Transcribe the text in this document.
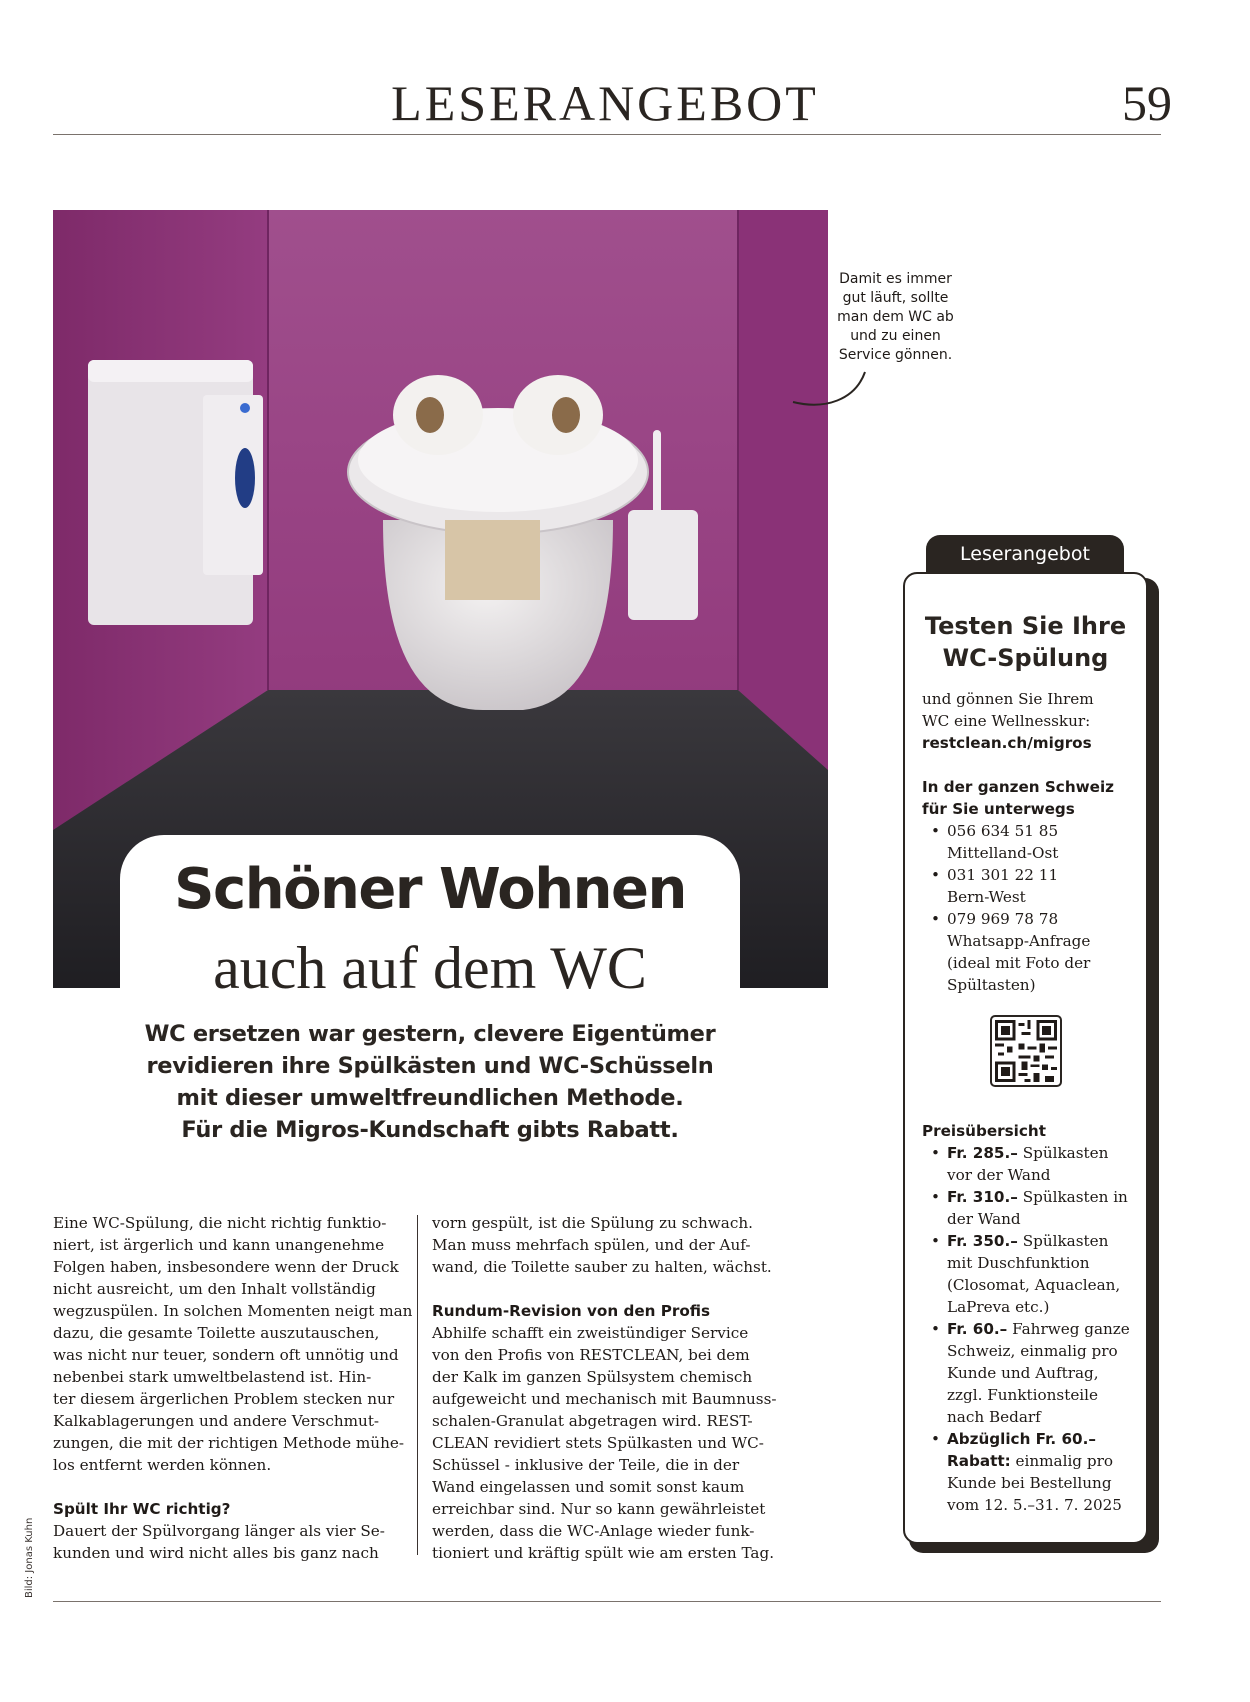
LESERANGEBOT	59
Damit es immer gut läuft, sollte man dem WC ab und zu einen Service gönnen.
Schöner Wohnen
auch auf dem WC
WC ersetzen war gestern, clevere Eigentümer
revidieren ihre Spülkästen und WC-Schüsseln
mit dieser umweltfreundlichen Methode.
Für die Migros-Kundschaft gibts Rabatt.
Eine WC-Spülung, die nicht richtig funktio-
niert, ist ärgerlich und kann unangenehme
Folgen haben, insbesondere wenn der Druck
nicht ausreicht, um den Inhalt vollständig
wegzuspülen. In solchen Momenten neigt man
dazu, die gesamte Toilette auszutauschen,
was nicht nur teuer, sondern oft unnötig und
nebenbei stark umweltbelastend ist. Hin-
ter diesem ärgerlichen Problem stecken nur
Kalkablagerungen und andere Verschmut-
zungen, die mit der richtigen Methode mühe-
los entfernt werden können.
Spült Ihr WC richtig?
Dauert der Spülvorgang länger als vier Se-
kunden und wird nicht alles bis ganz nach
vorn gespült, ist die Spülung zu schwach.
Man muss mehrfach spülen, und der Auf-
wand, die Toilette sauber zu halten, wächst.
Rundum-Revision von den Profis
Abhilfe schafft ein zweistündiger Service
von den Profis von RESTCLEAN, bei dem
der Kalk im ganzen Spülsystem chemisch
aufgeweicht und mechanisch mit Baumnuss-
schalen-Granulat abgetragen wird. REST-
CLEAN revidiert stets Spülkasten und WC-
Schüssel - inklusive der Teile, die in der
Wand eingelassen und somit sonst kaum
erreichbar sind. Nur so kann gewährleistet
werden, dass die WC-Anlage wieder funk-
tioniert und kräftig spült wie am ersten Tag.
Bild: Jonas Kuhn
Leserangebot
Testen Sie Ihre
WC-Spülung
und gönnen Sie Ihrem
WC eine Wellnesskur:
restclean.ch/migros
In der ganzen Schweiz
für Sie unterwegs
• 056 634 51 85
Mittelland-Ost
• 031 301 22 11
Bern-West
• 079 969 78 78
Whatsapp-Anfrage
(ideal mit Foto der Spültasten)
Preisübersicht
• Fr. 285.– Spülkasten vor der Wand
• Fr. 310.– Spülkasten in der Wand
• Fr. 350.– Spülkasten mit Duschfunktion (Closomat, Aquaclean, LaPreva etc.)
• Fr. 60.– Fahrweg ganze Schweiz, einmalig pro Kunde und Auftrag, zzgl. Funktionsteile nach Bedarf
• Abzüglich Fr. 60.– Rabatt: einmalig pro Kunde bei Bestellung vom 12. 5.–31. 7. 2025
